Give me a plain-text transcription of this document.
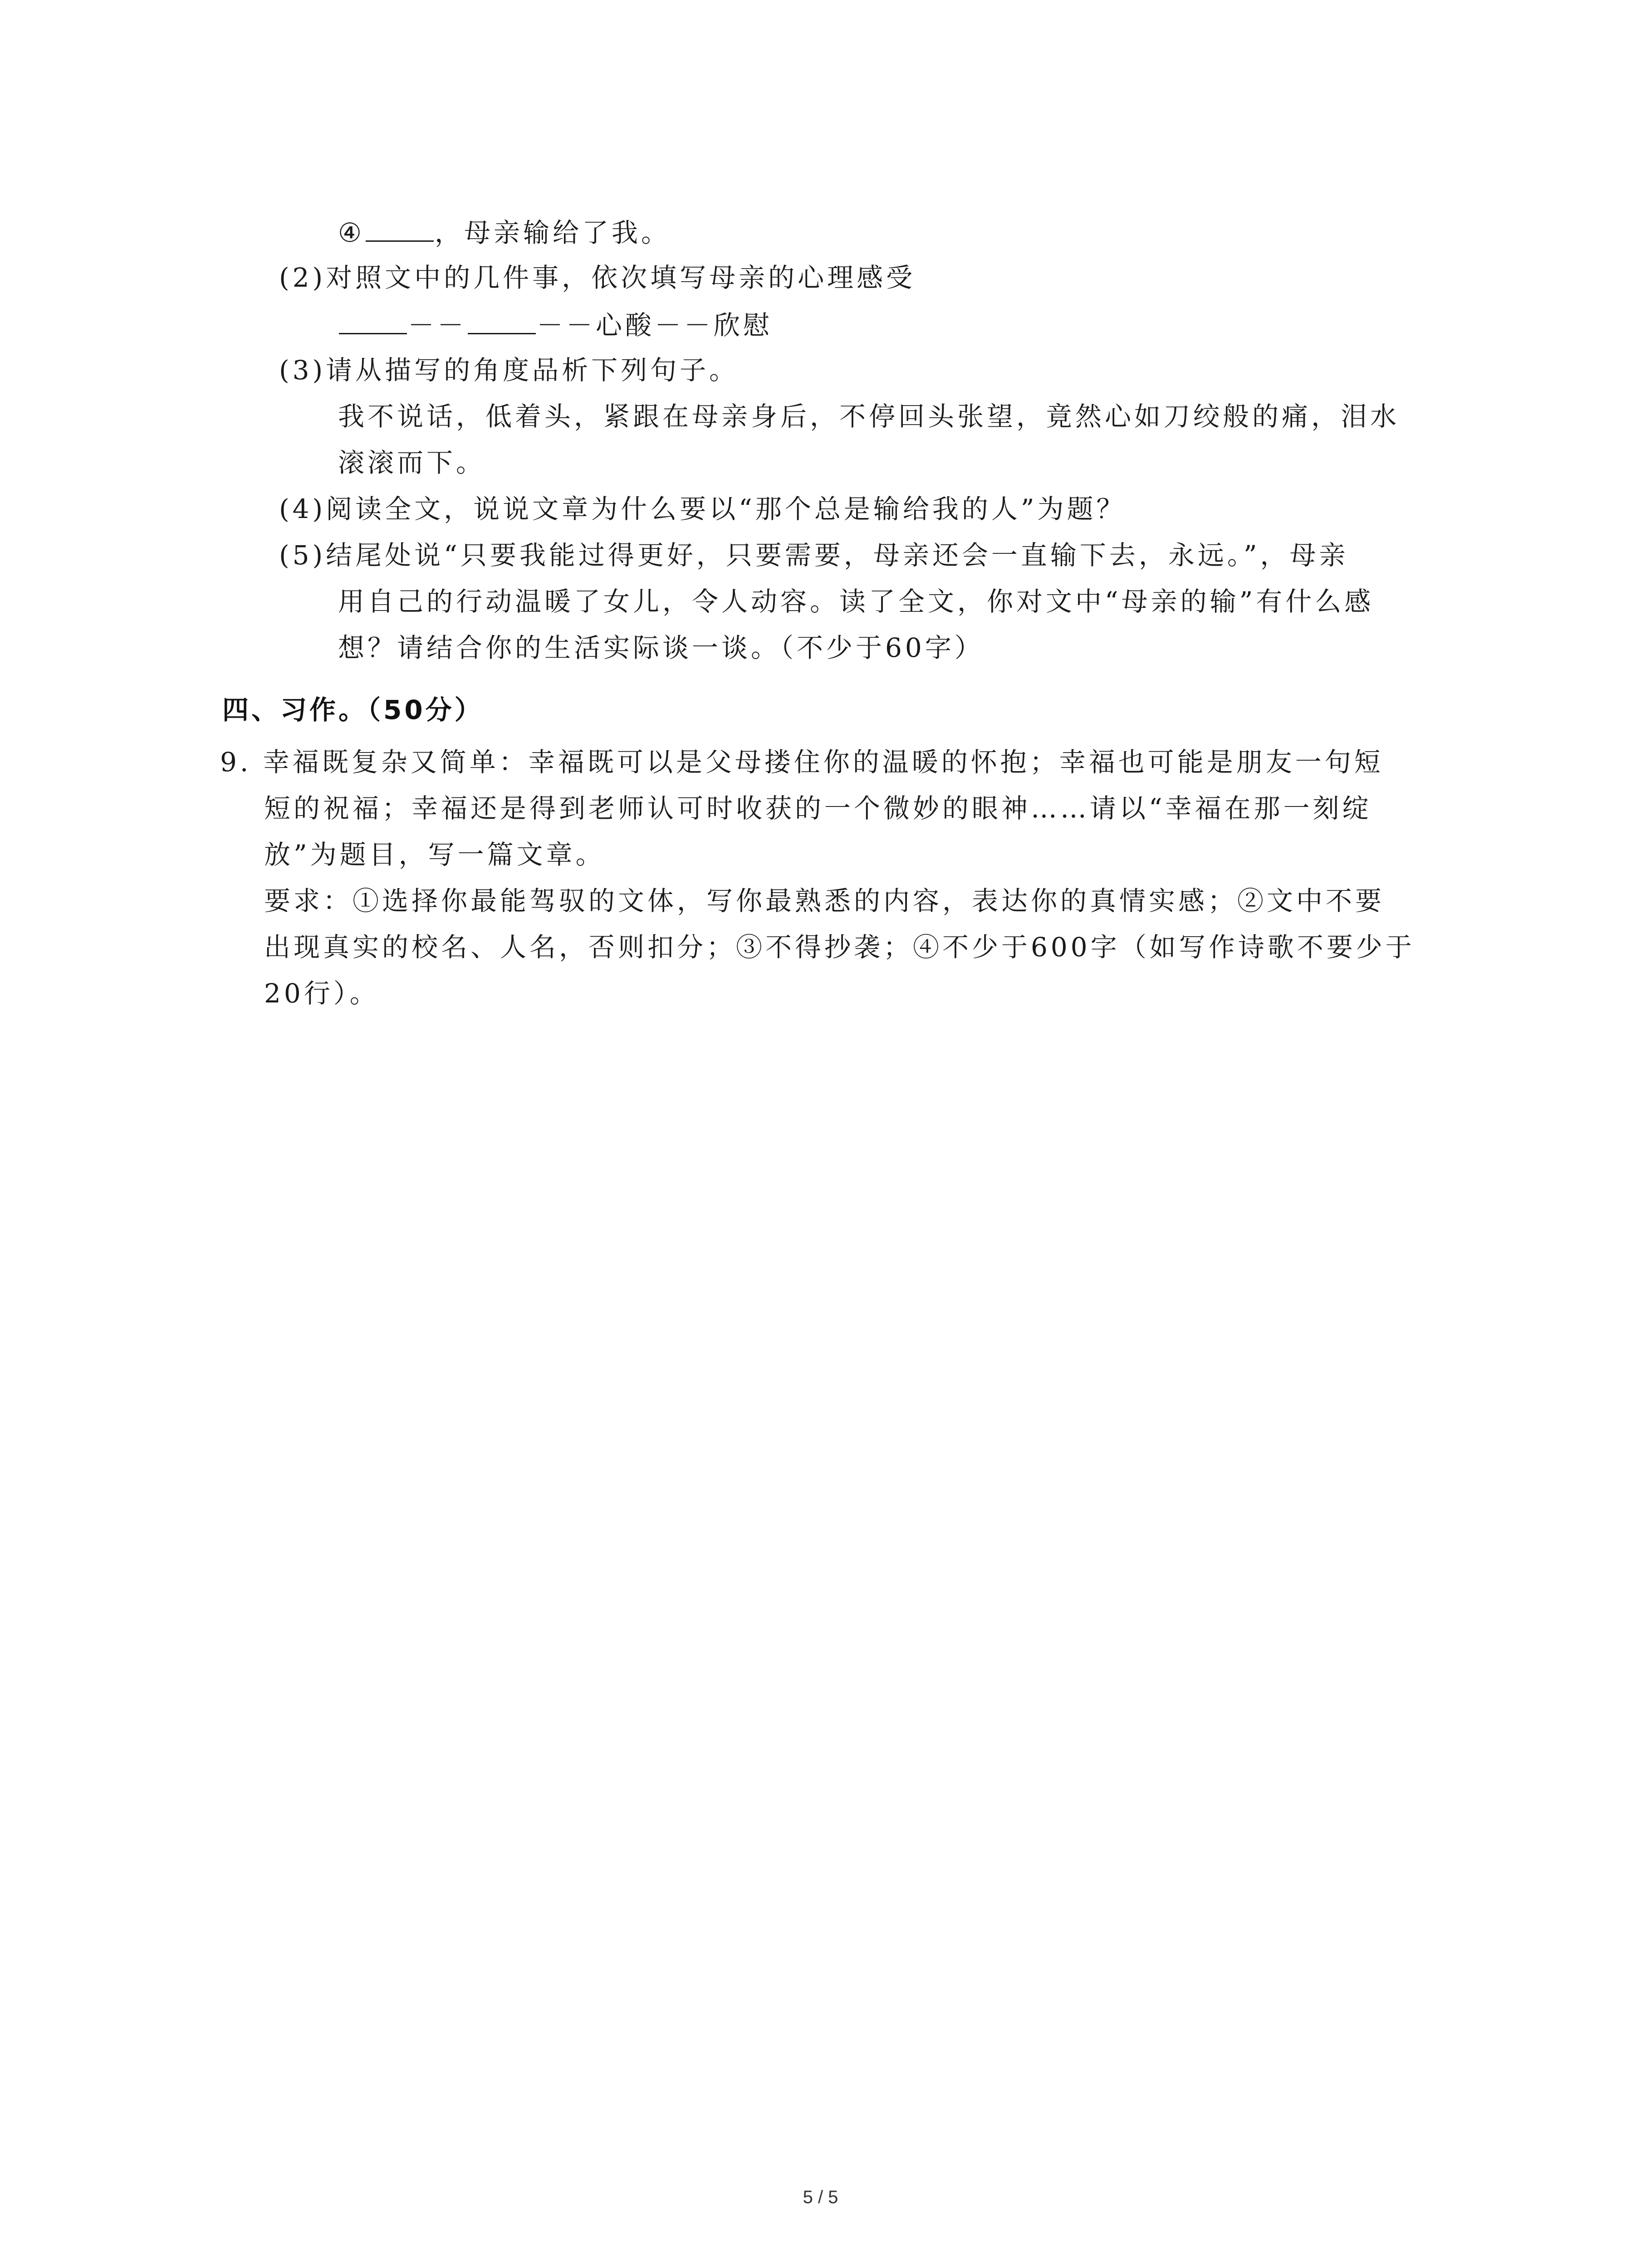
④	，母亲输给了我。
(2)对照文中的几件事，依次填写母亲的心理感受
－－	－－心酸－－欣慰
(3)请从描写的角度品析下列句子。
我不说话，低着头，紧跟在母亲身后，不停回头张望，竟然心如刀绞般的痛，泪水
滚滚而下。
(4)阅读全文，说说文章为什么要以“那个总是输给我的人”为题？
(5)结尾处说“只要我能过得更好，只要需要，母亲还会一直输下去，永远。”，母亲
用自己的行动温暖了女儿，令人动容。读了全文，你对文中“母亲的输”有什么感
想？请结合你的生活实际谈一谈。（不少于60字）
四、习作。（50分）
9. 幸福既复杂又简单：幸福既可以是父母搂住你的温暖的怀抱；幸福也可能是朋友一句短
短的祝福；幸福还是得到老师认可时收获的一个微妙的眼神……请以“幸福在那一刻绽
放”为题目，写一篇文章。
要求：①选择你最能驾驭的文体，写你最熟悉的内容，表达你的真情实感；②文中不要
出现真实的校名、人名，否则扣分；③不得抄袭；④不少于600字（如写作诗歌不要少于
20行）。
5 / 5
